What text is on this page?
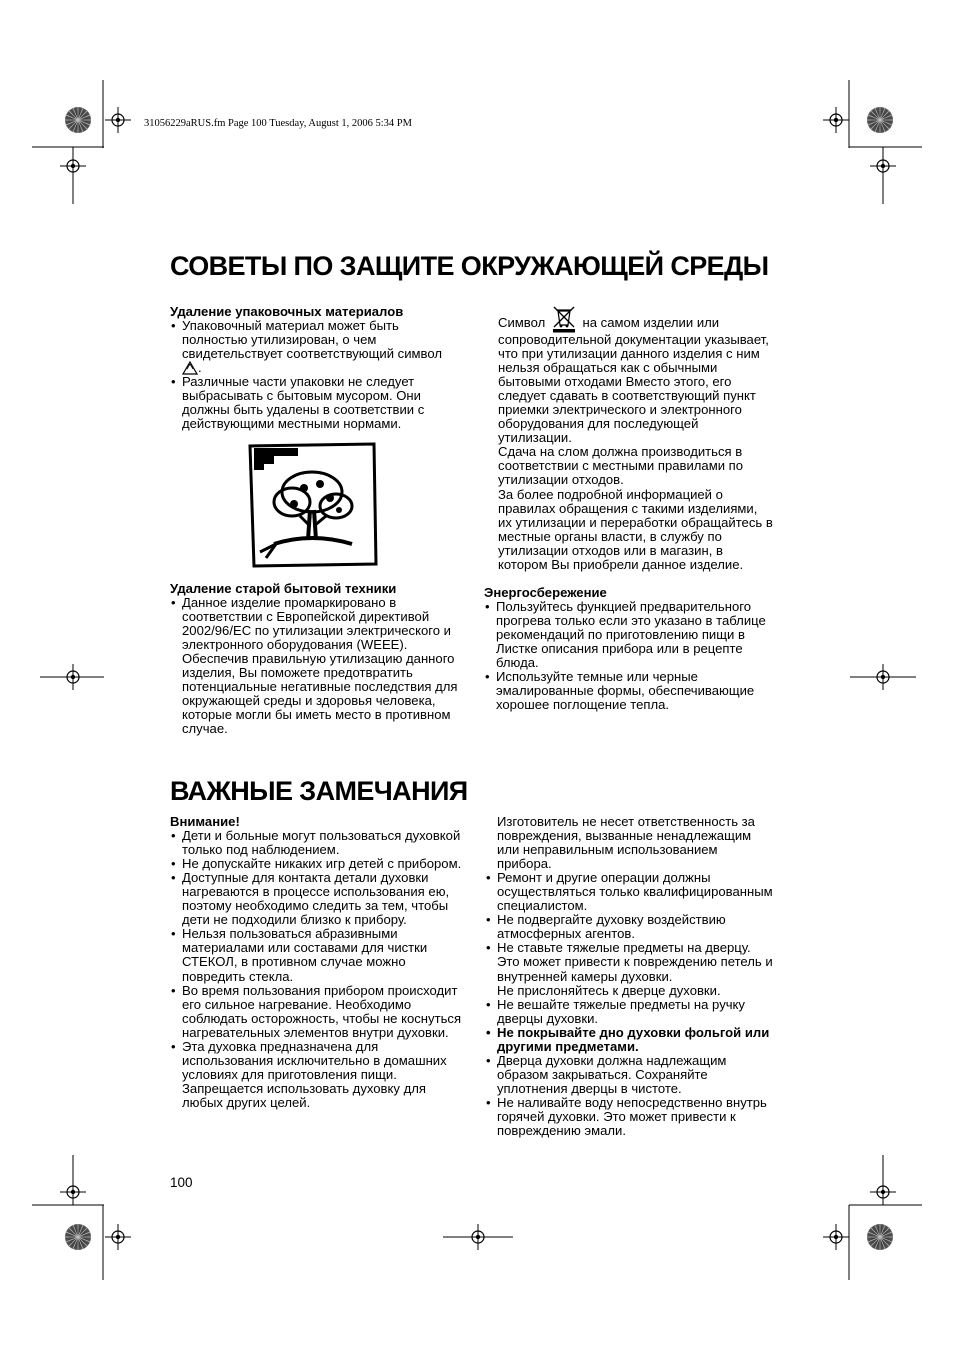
31056229aRUS.fm Page 100 Tuesday, August 1, 2006 5:34 PM
СОВЕТЫ ПО ЗАЩИТЕ ОКРУЖАЮЩЕЙ СРЕДЫ
Удаление упаковочных материалов
• Упаковочный материал может быть полностью утилизирован, о чем свидетельствует соответствующий символ .
• Различные части упаковки не следует выбрасывать с бытовым мусором. Они должны быть удалены в соответствии с действующими местными нормами.
Удаление старой бытовой техники
• Данное изделие промаркировано в соответствии с Европейской директивой 2002/96/EC по утилизации электрического и электронного оборудования (WEEE).
Обеспечив правильную утилизацию данного изделия, Вы поможете предотвратить потенциальные негативные последствия для окружающей среды и здоровья человека, которые могли бы иметь место в противном случае.
Символ	на самом изделии или сопроводительной документации указывает, что при утилизации данного изделия с ним нельзя обращаться как с обычными бытовыми отходами Вместо этого, его следует сдавать в соответствующий пункт приемки электрического и электронного оборудования для последующей утилизации.
Сдача на слом должна производиться в соответствии с местными правилами по утилизации отходов.
За более подробной информацией о правилах обращения с такими изделиями, их утилизации и переработки обращайтесь в местные органы власти, в службу по утилизации отходов или в магазин, в котором Вы приобрели данное изделие.
Энергосбережение
• Пользуйтесь функцией предварительного прогрева только если это указано в таблице рекомендаций по приготовлению пищи в Листке описания прибора или в рецепте блюда.
• Используйте темные или черные эмалированные формы, обеспечивающие хорошее поглощение тепла.
ВАЖНЫЕ ЗАМЕЧАНИЯ
Внимание!
• Дети и больные могут пользоваться духовкой только под наблюдением.
• Не допускайте никаких игр детей с прибором.
• Доступные для контакта детали духовки нагреваются в процессе использования ею, поэтому необходимо следить за тем, чтобы дети не подходили близко к прибору.
• Нельзя пользоваться абразивными материалами или составами для чистки СТЕКОЛ, в противном случае можно повредить стекла.
• Во время пользования прибором происходит его сильное нагревание. Необходимо соблюдать осторожность, чтобы не коснуться нагревательных элементов внутри духовки.
• Эта духовка предназначена для использования исключительно в домашних условиях для приготовления пищи. Запрещается использовать духовку для любых других целей.
Изготовитель не несет ответственность за повреждения, вызванные ненадлежащим или неправильным использованием прибора.
• Ремонт и другие операции должны осуществляться только квалифицированным специалистом.
• Не подвергайте духовку воздействию атмосферных агентов.
• Не ставьте тяжелые предметы на дверцу. Это может привести к повреждению петель и внутренней камеры духовки.
Не прислоняйтесь к дверце духовки.
• Не вешайте тяжелые предметы на ручку дверцы духовки.
• Не покрывайте дно духовки фольгой или другими предметами.
• Дверца духовки должна надлежащим образом закрываться. Сохраняйте уплотнения дверцы в чистоте.
• Не наливайте воду непосредственно внутрь горячей духовки. Это может привести к повреждению эмали.
100
